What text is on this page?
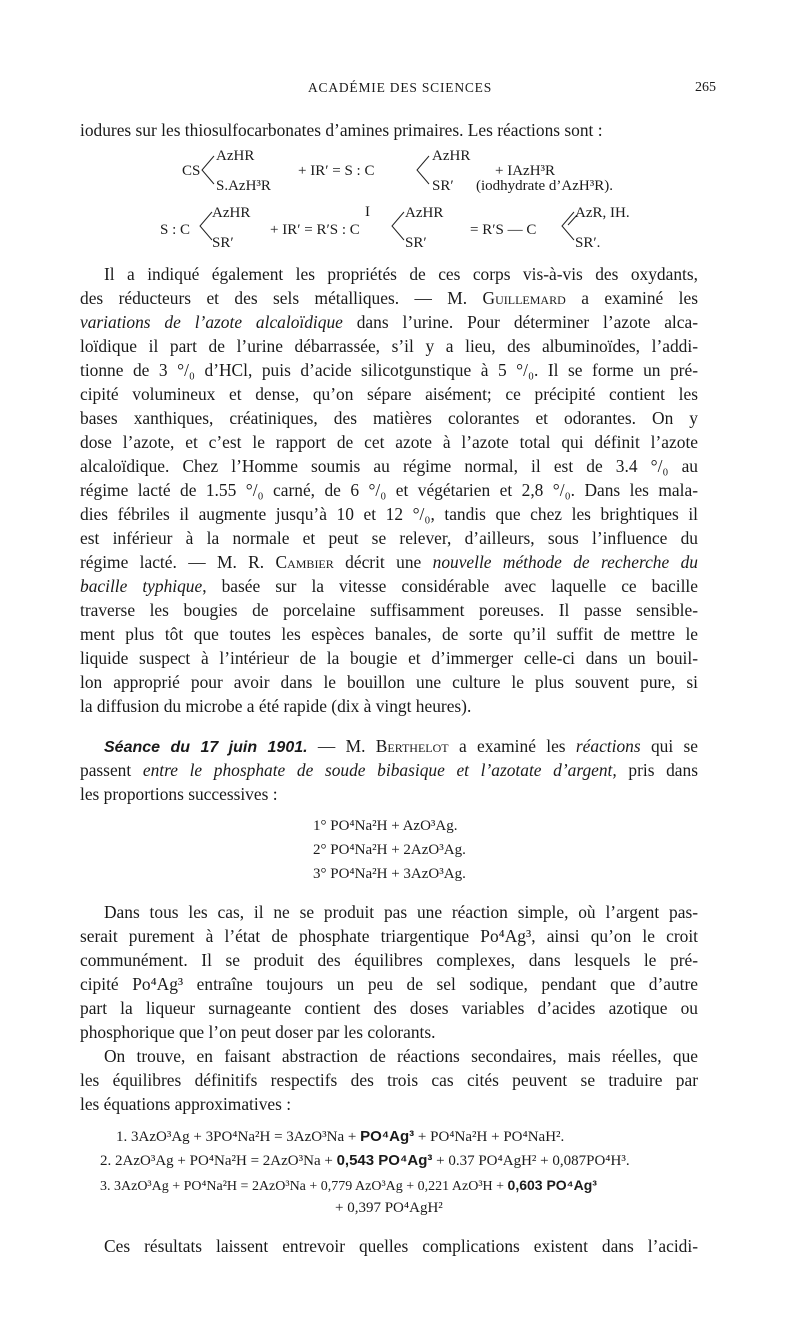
ACADÉMIE DES SCIENCES	265
iodures sur les thiosulfocarbonates d’amines primaires. Les réactions sont :
CS
AzHR
S.AzH³R
+ IR′ = S : C
AzHR
SR′
+ IAzH³R
(iodhydrate d’AzH³R).
S : C
AzHR
SR′
+ IR′ = R′S : C
I AzHR
SR′
= R′S — C
AzR, IH.
SR′.
Il a indiqué également les propriétés de ces corps vis-à-vis des oxydants,
des réducteurs et des sels métalliques. — M. Guillemard a examiné les
variations de l’azote alcaloïdique dans l’urine. Pour déterminer l’azote alca-
loïdique il part de l’urine débarrassée, s’il y a lieu, des albuminoïdes, l’addi-
tionne de 3 °/₀ d’HCl, puis d’acide silicotgunstique à 5 °/₀. Il se forme un pré-
cipité volumineux et dense, qu’on sépare aisément; ce précipité contient les
bases xanthiques, créatiniques, des matières colorantes et odorantes. On y
dose l’azote, et c’est le rapport de cet azote à l’azote total qui définit l’azote
alcaloïdique. Chez l’Homme soumis au régime normal, il est de 3.4 °/₀ au
régime lacté de 1.55 °/₀ carné, de 6 °/₀ et végétarien et 2,8 °/₀. Dans les mala-
dies fébriles il augmente jusqu’à 10 et 12 °/₀, tandis que chez les brightiques il
est inférieur à la normale et peut se relever, d’ailleurs, sous l’influence du
régime lacté. — M. R. Cambier décrit une nouvelle méthode de recherche du
bacille typhique, basée sur la vitesse considérable avec laquelle ce bacille
traverse les bougies de porcelaine suffisamment poreuses. Il passe sensible-
ment plus tôt que toutes les espèces banales, de sorte qu’il suffit de mettre le
liquide suspect à l’intérieur de la bougie et d’immerger celle-ci dans un bouil-
lon approprié pour avoir dans le bouillon une culture le plus souvent pure, si
la diffusion du microbe a été rapide (dix à vingt heures).
Séance du 17 juin 1901. — M. Berthelot a examiné les réactions qui se
passent entre le phosphate de soude bibasique et l’azotate d’argent, pris dans
les proportions successives :
1° PO⁴Na²H + AzO³Ag.
2° PO⁴Na²H + 2AzO³Ag.
3° PO⁴Na²H + 3AzO³Ag.
Dans tous les cas, il ne se produit pas une réaction simple, où l’argent pas-
serait purement à l’état de phosphate triargentique Po⁴Ag³, ainsi qu’on le croit
communément. Il se produit des équilibres complexes, dans lesquels le pré-
cipité Po⁴Ag³ entraîne toujours un peu de sel sodique, pendant que d’autre
part la liqueur surnageante contient des doses variables d’acides azotique ou
phosphorique que l’on peut doser par les colorants.
On trouve, en faisant abstraction de réactions secondaires, mais réelles, que
les équilibres définitifs respectifs des trois cas cités peuvent se traduire par
les équations approximatives :
1. 3AzO³Ag + 3PO⁴Na²H = 3AzO³Na + PO⁴Ag³ + PO⁴Na²H + PO⁴NaH².
2. 2AzO³Ag + PO⁴Na²H = 2AzO³Na + 0,543 PO⁴Ag³ + 0.37 PO⁴AgH² + 0,087PO⁴H³.
3. 3AzO³Ag + PO⁴Na²H = 2AzO³Na + 0,779 AzO³Ag + 0,221 AzO³H + 0,603 PO⁴Ag³
+ 0,397 PO⁴AgH²
Ces résultats laissent entrevoir quelles complications existent dans l’acidi-
